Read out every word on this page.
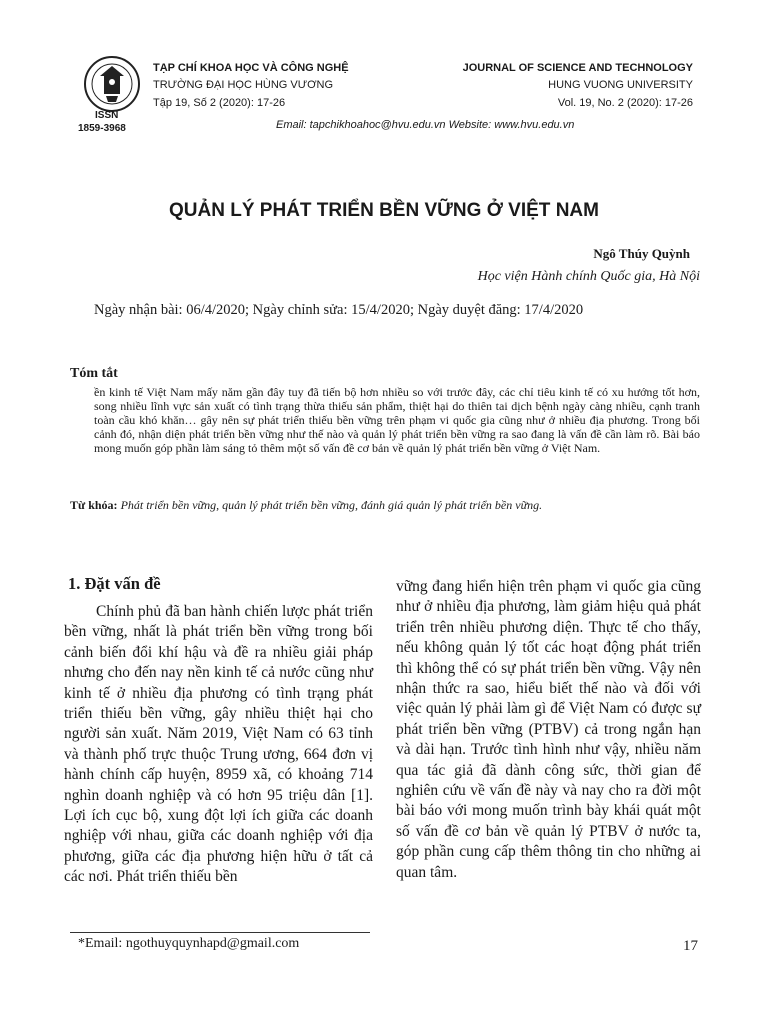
ISSN
1859-3968
TẠP CHÍ KHOA HỌC VÀ CÔNG NGHỆ
TRƯỜNG ĐẠI HỌC HÙNG VƯƠNG
Tập 19, Số 2 (2020): 17-26
JOURNAL OF SCIENCE AND TECHNOLOGY
HUNG VUONG UNIVERSITY
Vol. 19, No. 2 (2020): 17-26
Email: tapchikhoahoc@hvu.edu.vn Website: www.hvu.edu.vn
QUẢN LÝ PHÁT TRIỂN BỀN VỮNG Ở VIỆT NAM
Ngô Thúy Quỳnh
Học viện Hành chính Quốc gia, Hà Nội
Ngày nhận bài: 06/4/2020; Ngày chỉnh sửa: 15/4/2020; Ngày duyệt đăng: 17/4/2020
Tóm tắt
ền kinh tế Việt Nam mấy năm gần đây tuy đã tiến bộ hơn nhiều so với trước đây, các chỉ tiêu kinh tế có xu hướng tốt hơn, song nhiều lĩnh vực sản xuất có tình trạng thừa thiếu sản phẩm, thiệt hại do thiên tai dịch bệnh ngày càng nhiều, cạnh tranh toàn cầu khó khăn… gây nên sự phát triển thiếu bền vững trên phạm vi quốc gia cũng như ở nhiều địa phương. Trong bối cảnh đó, nhận diện phát triển bền vững như thế nào và quản lý phát triển bền vững ra sao đang là vấn đề cần làm rõ. Bài báo mong muốn góp phần làm sáng tỏ thêm một số vấn đề cơ bản về quản lý phát triển bền vững ở Việt Nam.
Từ khóa: Phát triển bền vững, quản lý phát triển bền vững, đánh giá quản lý phát triển bền vững.
1. Đặt vấn đề
Chính phủ đã ban hành chiến lược phát triển bền vững, nhất là phát triển bền vững trong bối cảnh biến đổi khí hậu và đề ra nhiều giải pháp nhưng cho đến nay nền kinh tế cả nước cũng như kinh tế ở nhiều địa phương có tình trạng phát triển thiếu bền vững, gây nhiều thiệt hại cho người sản xuất. Năm 2019, Việt Nam có 63 tỉnh và thành phố trực thuộc Trung ương, 664 đơn vị hành chính cấp huyện, 8959 xã, có khoảng 714 nghìn doanh nghiệp và có hơn 95 triệu dân [1]. Lợi ích cục bộ, xung đột lợi ích giữa các doanh nghiệp với nhau, giữa các doanh nghiệp với địa phương, giữa các địa phương hiện hữu ở tất cả các nơi. Phát triển thiếu bền
vững đang hiển hiện trên phạm vi quốc gia cũng như ở nhiều địa phương, làm giảm hiệu quả phát triển trên nhiều phương diện. Thực tế cho thấy, nếu không quản lý tốt các hoạt động phát triển thì không thể có sự phát triển bền vững. Vậy nên nhận thức ra sao, hiểu biết thế nào và đối với việc quản lý phải làm gì để Việt Nam có được sự phát triển bền vững (PTBV) cả trong ngắn hạn và dài hạn. Trước tình hình như vậy, nhiều năm qua tác giả đã dành công sức, thời gian để nghiên cứu về vấn đề này và nay cho ra đời một bài báo với mong muốn trình bày khái quát một số vấn đề cơ bản về quản lý PTBV ở nước ta, góp phần cung cấp thêm thông tin cho những ai quan tâm.
*Email: ngothuyquynhapd@gmail.com	17
